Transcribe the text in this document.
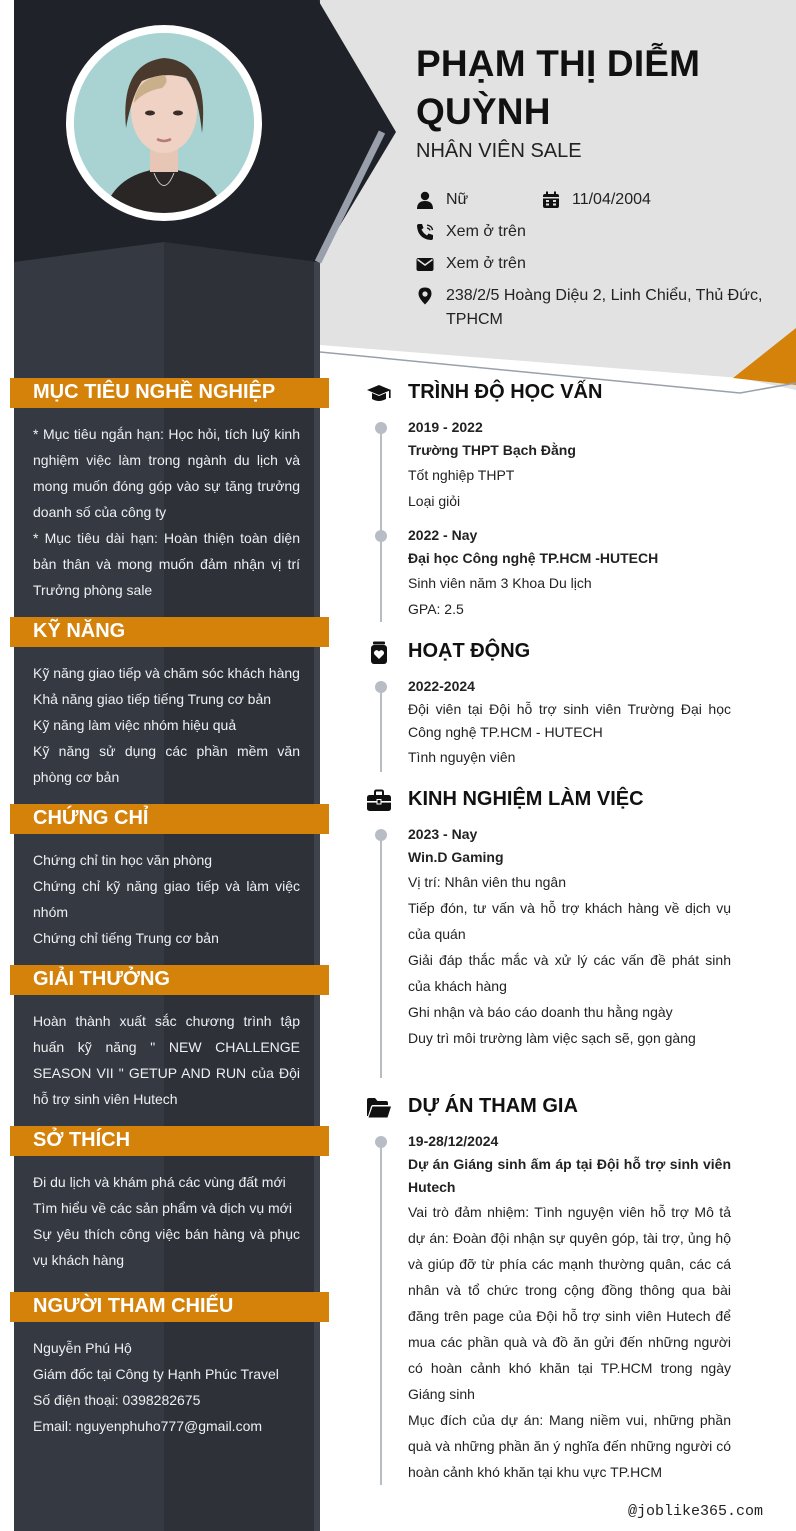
PHẠM THỊ DIỄM QUỲNH
NHÂN VIÊN SALE
Nữ	11/04/2004
Xem ở trên
Xem ở trên
238/2/5 Hoàng Diệu 2, Linh Chiểu, Thủ Đức, TPHCM
MỤC TIÊU NGHỀ NGHIỆP

* Mục tiêu ngắn hạn: Học hỏi, tích luỹ kinh nghiệm việc làm trong ngành du lịch và mong muốn đóng góp vào sự tăng trưởng doanh số của công ty

* Mục tiêu dài hạn: Hoàn thiện toàn diện bản thân và mong muốn đảm nhận vị trí Trưởng phòng sale

KỸ NĂNG

Kỹ năng giao tiếp và chăm sóc khách hàng

Khả năng giao tiếp tiếng Trung cơ bản

Kỹ năng làm việc nhóm hiệu quả

Kỹ năng sử dụng các phần mềm văn phòng cơ bản

CHỨNG CHỈ

Chứng chỉ tin học văn phòng

Chứng chỉ kỹ năng giao tiếp và làm việc nhóm

Chứng chỉ tiếng Trung cơ bản

GIẢI THƯỞNG

Hoàn thành xuất sắc chương trình tập huấn kỹ năng " NEW CHALLENGE SEASON VII " GETUP AND RUN của Đội hỗ trợ sinh viên Hutech

SỞ THÍCH

Đi du lịch và khám phá các vùng đất mới

Tìm hiểu về các sản phẩm và dịch vụ mới

Sự yêu thích công việc bán hàng và phục vụ khách hàng

NGƯỜI THAM CHIẾU

Nguyễn Phú Hộ

Giám đốc tại Công ty Hạnh Phúc Travel

Số điện thoại: 0398282675

Email: nguyenphuho777@gmail.com

TRÌNH ĐỘ HỌC VẤN
2019 - 2022
Trường THPT Bạch Đằng
Tốt nghiệp THPT
Loại giỏi
2022 - Nay
Đại học Công nghệ TP.HCM -HUTECH
Sinh viên năm 3 Khoa Du lịch
GPA: 2.5
HOẠT ĐỘNG
2022-2024
Đội viên tại Đội hỗ trợ sinh viên Trường Đại học Công nghệ TP.HCM - HUTECH
Tình nguyện viên
KINH NGHIỆM LÀM VIỆC
2023 - Nay
Win.D Gaming
Vị trí: Nhân viên thu ngân
Tiếp đón, tư vấn và hỗ trợ khách hàng về dịch vụ của quán
Giải đáp thắc mắc và xử lý các vấn đề phát sinh của khách hàng
Ghi nhận và báo cáo doanh thu hằng ngày
Duy trì môi trường làm việc sạch sẽ, gọn gàng
DỰ ÁN THAM GIA
19-28/12/2024
Dự án Giáng sinh ấm áp tại Đội hỗ trợ sinh viên Hutech
Vai trò đảm nhiệm: Tình nguyện viên hỗ trợ Mô tả dự án: Đoàn đội nhận sự quyên góp, tài trợ, ủng hộ và giúp đỡ từ phía các mạnh thường quân, các cá nhân và tổ chức trong cộng đồng thông qua bài đăng trên page của Đội hỗ trợ sinh viên Hutech để mua các phần quà và đồ ăn gửi đến những người có hoàn cảnh khó khăn tại TP.HCM trong ngày Giáng sinh
Mục đích của dự án: Mang niềm vui, những phần quà và những phần ăn ý nghĩa đến những người có hoàn cảnh khó khăn tại khu vực TP.HCM
@joblike365.com
